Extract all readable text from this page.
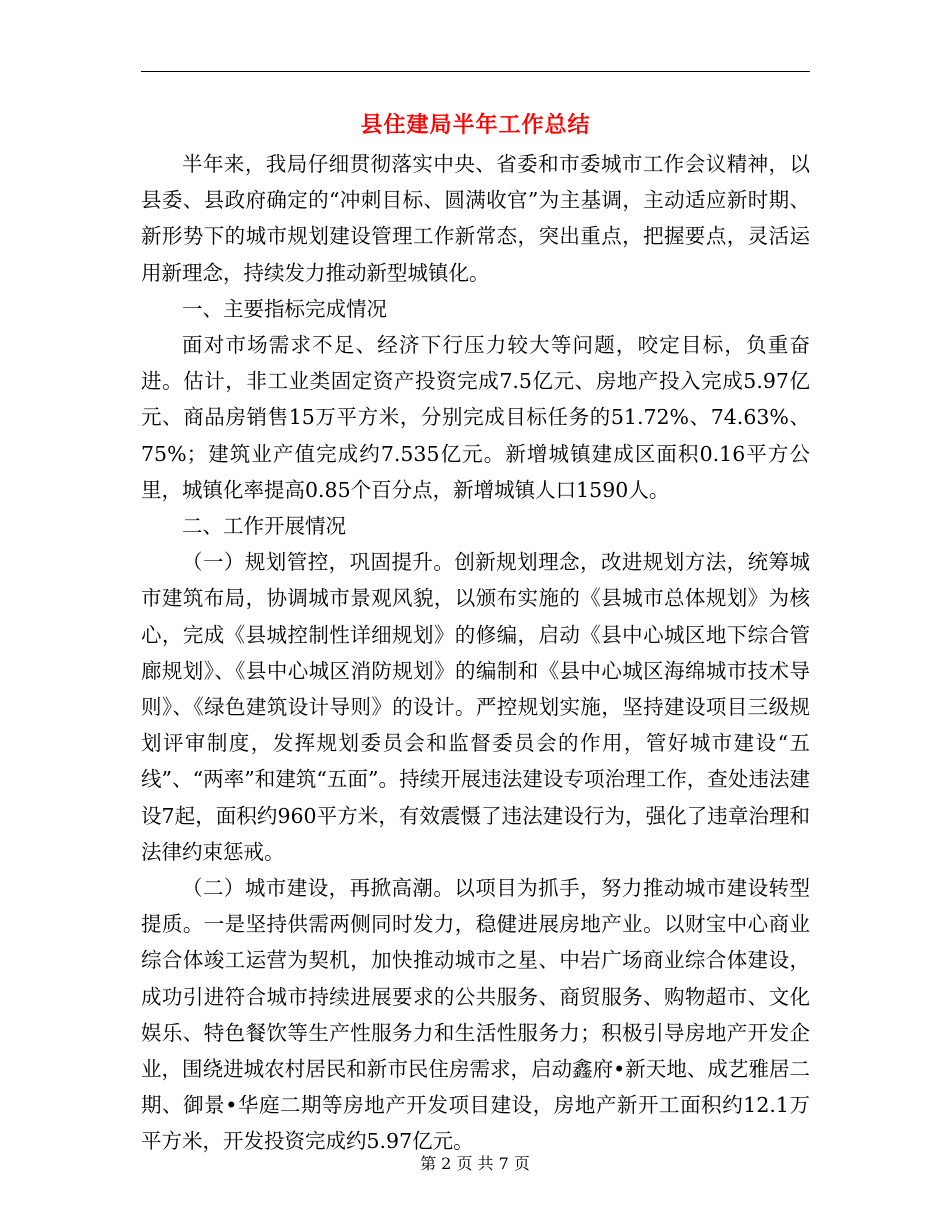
县住建局半年工作总结

半年来，我局仔细贯彻落实中央、省委和市委城市工作会议精神，以县委、县政府确定的“冲刺目标、圆满收官”为主基调，主动适应新时期、新形势下的城市规划建设管理工作新常态，突出重点，把握要点，灵活运用新理念，持续发力推动新型城镇化。

一、主要指标完成情况

面对市场需求不足、经济下行压力较大等问题，咬定目标，负重奋进。估计，非工业类固定资产投资完成7.5亿元、房地产投入完成5.97亿元、商品房销售15万平方米，分别完成目标任务的51.72%、74.63%、75%；建筑业产值完成约7.535亿元。新增城镇建成区面积0.16平方公里，城镇化率提高0.85个百分点，新增城镇人口1590人。

二、工作开展情况

（一）规划管控，巩固提升。创新规划理念，改进规划方法，统筹城市建筑布局，协调城市景观风貌，以颁布实施的《县城市总体规划》为核心，完成《县城控制性详细规划》的修编，启动《县中心城区地下综合管廊规划》、《县中心城区消防规划》的编制和《县中心城区海绵城市技术导则》、《绿色建筑设计导则》的设计。严控规划实施，坚持建设项目三级规划评审制度，发挥规划委员会和监督委员会的作用，管好城市建设“五线”、“两率”和建筑“五面”。持续开展违法建设专项治理工作，查处违法建设7起，面积约960平方米，有效震慑了违法建设行为，强化了违章治理和法律约束惩戒。

（二）城市建设，再掀高潮。以项目为抓手，努力推动城市建设转型提质。一是坚持供需两侧同时发力，稳健进展房地产业。以财宝中心商业综合体竣工运营为契机，加快推动城市之星、中岩广场商业综合体建设，成功引进符合城市持续进展要求的公共服务、商贸服务、购物超市、文化娱乐、特色餐饮等生产性服务力和生活性服务力；积极引导房地产开发企业，围绕进城农村居民和新市民住房需求，启动鑫府•新天地、成艺雅居二期、御景•华庭二期等房地产开发项目建设，房地产新开工面积约12.1万平方米，开发投资完成约5.97亿元。

第 2 页 共 7 页
